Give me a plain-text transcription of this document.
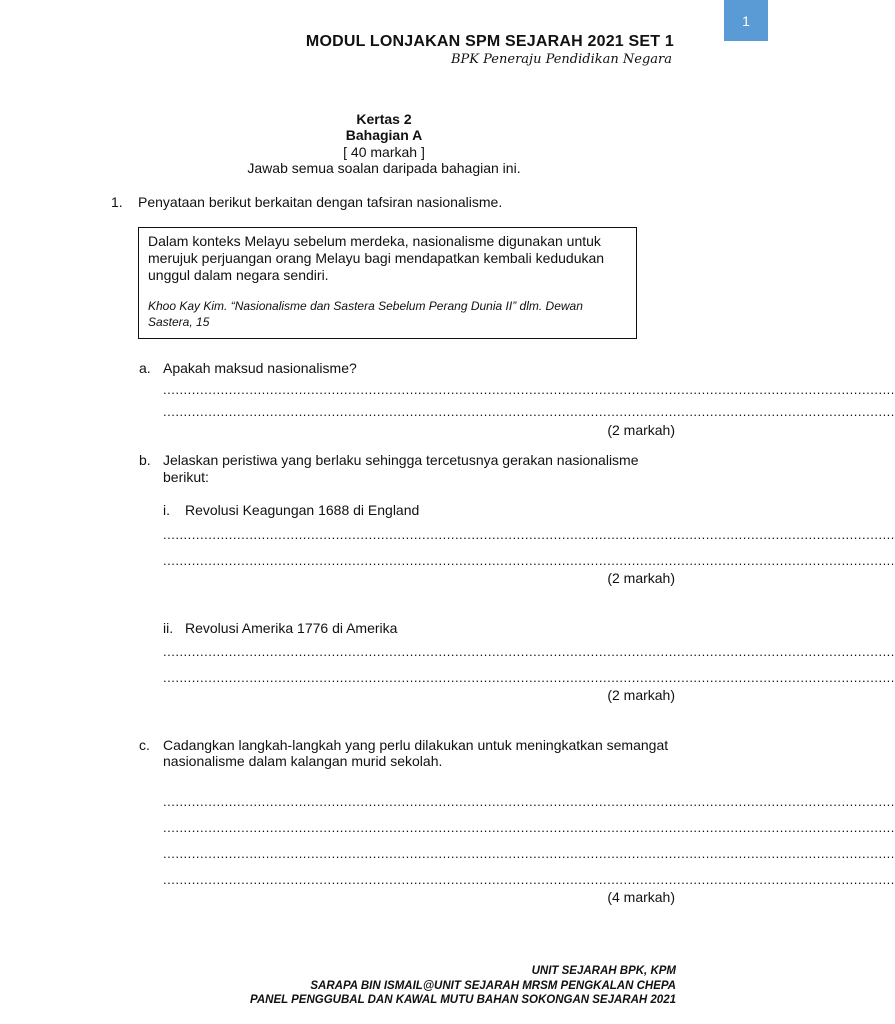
1
MODUL LONJAKAN SPM SEJARAH 2021 SET 1
BPK Peneraju Pendidikan Negara
Kertas 2
Bahagian A
[ 40 markah ]
Jawab semua soalan daripada bahagian ini.
1. Penyataan berikut berkaitan dengan tafsiran nasionalisme.
Dalam konteks Melayu sebelum merdeka, nasionalisme digunakan untuk
merujuk perjuangan orang Melayu bagi mendapatkan kembali kedudukan
unggul dalam negara sendiri.
Khoo Kay Kim. “Nasionalisme dan Sastera Sebelum Perang Dunia II” dlm. Dewan
Sastera, 15
a. Apakah maksud nasionalisme?
..................................................................................................................................................................................
..................................................................................................................................................................................
(2 markah)
b. Jelaskan peristiwa yang berlaku sehingga tercetusnya gerakan nasionalisme
berikut:
i. Revolusi Keagungan 1688 di England
..................................................................................................................................................................................
..................................................................................................................................................................................
(2 markah)
ii. Revolusi Amerika 1776 di Amerika
..................................................................................................................................................................................
..................................................................................................................................................................................
(2 markah)
c. Cadangkan langkah-langkah yang perlu dilakukan untuk meningkatkan semangat
nasionalisme dalam kalangan murid sekolah.
..................................................................................................................................................................................
..................................................................................................................................................................................
..................................................................................................................................................................................
..................................................................................................................................................................................
(4 markah)
UNIT SEJARAH BPK, KPM
SARAPA BIN ISMAIL@UNIT SEJARAH MRSM PENGKALAN CHEPA
PANEL PENGGUBAL DAN KAWAL MUTU BAHAN SOKONGAN SEJARAH 2021
